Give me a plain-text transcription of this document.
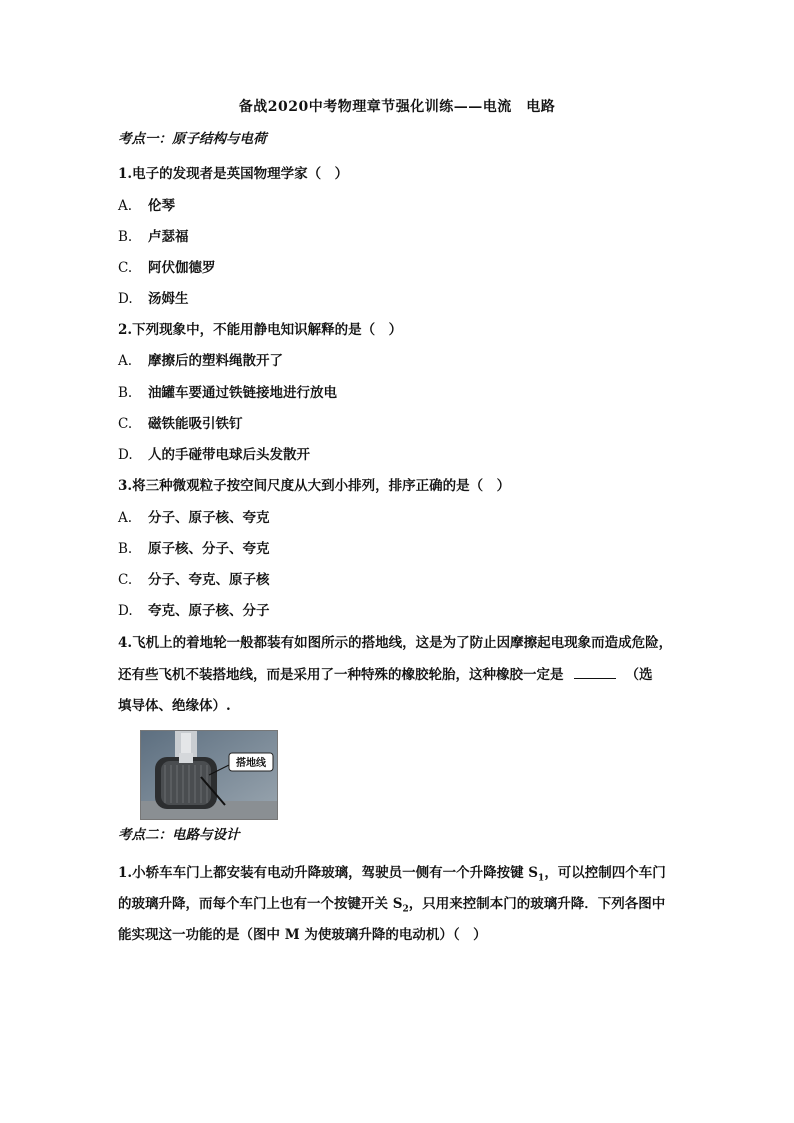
备战2020中考物理章节强化训练——电流　电路
考点一：原子结构与电荷
1.电子的发现者是英国物理学家（　）
A. 伦琴
B. 卢瑟福
C. 阿伏伽德罗
D. 汤姆生
2.下列现象中，不能用静电知识解释的是（　）
A. 摩擦后的塑料绳散开了
B. 油罐车要通过铁链接地进行放电
C. 磁铁能吸引铁钉
D. 人的手碰带电球后头发散开
3.将三种微观粒子按空间尺度从大到小排列，排序正确的是（　）
A. 分子、原子核、夸克
B. 原子核、分子、夸克
C. 分子、夸克、原子核
D. 夸克、原子核、分子
4.飞机上的着地轮一般都装有如图所示的搭地线，这是为了防止因摩擦起电现象而造成危险，
还有些飞机不装搭地线，而是采用了一种特殊的橡胶轮胎，这种橡胶一定是	（选
填导体、绝缘体）.
搭地线
考点二：电路与设计
1.小轿车车门上都安装有电动升降玻璃，驾驶员一侧有一个升降按键 $S_1$，可以控制四个车门
的玻璃升降，而每个车门上也有一个按键开关 $S_2$，只用来控制本门的玻璃升降．下列各图中
能实现这一功能的是（图中 M 为使玻璃升降的电动机）（　）
